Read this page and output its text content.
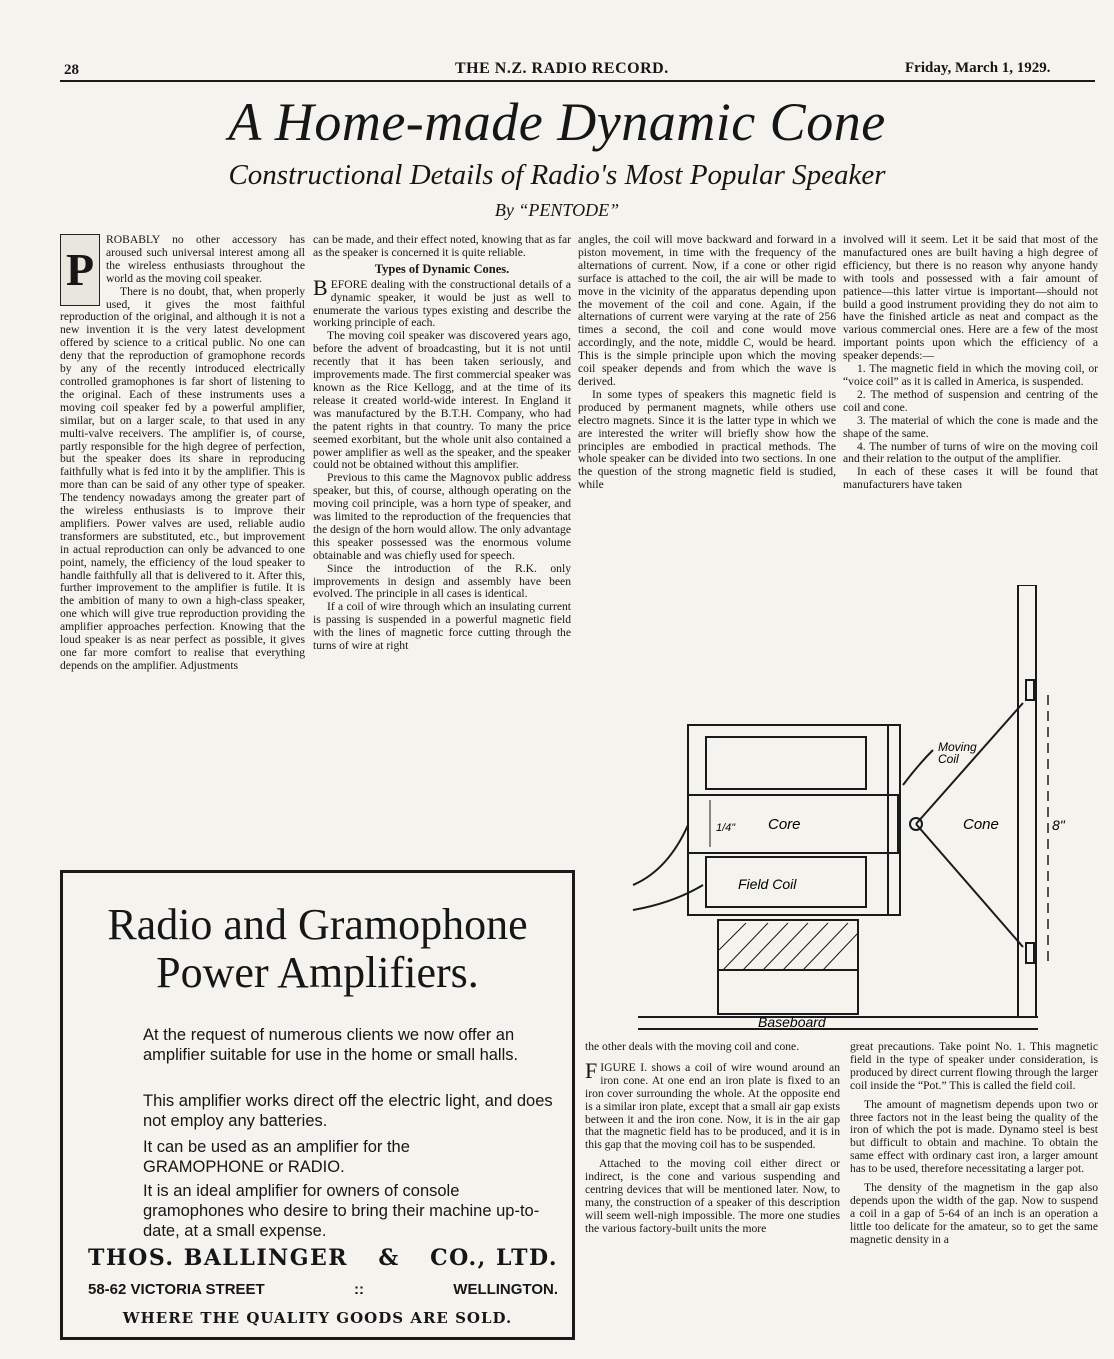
28	THE N.Z. RADIO RECORD.	Friday, March 1, 1929.
A Home-made Dynamic Cone
Constructional Details of Radio's Most Popular Speaker
By “PENTODE”
P

ROBABLY no other accessory has aroused such universal interest among all the wireless enthusiasts throughout the world as the moving coil speaker.

There is no doubt, that, when properly used, it gives the most faithful reproduction of the original, and although it is not a new invention it is the very latest development offered by science to a critical public. No one can deny that the reproduction of gramophone records by any of the recently introduced electrically controlled gramophones is far short of listening to the original. Each of these instruments uses a moving coil speaker fed by a powerful amplifier, similar, but on a larger scale, to that used in any multi-valve receivers. The amplifier is, of course, partly responsible for the high degree of perfection, but the speaker does its share in reproducing faithfully what is fed into it by the amplifier. This is more than can be said of any other type of speaker. The tendency nowadays among the greater part of the wireless enthusiasts is to improve their amplifiers. Power valves are used, reliable audio transformers are substituted, etc., but improvement in actual reproduction can only be advanced to one point, namely, the efficiency of the loud speaker to handle faithfully all that is delivered to it. After this, further improvement to the amplifier is futile. It is the ambition of many to own a high-class speaker, one which will give true reproduction providing the amplifier approaches perfection. Knowing that the loud speaker is as near perfect as possible, it gives one far more comfort to realise that everything depends on the amplifier. Adjustments

can be made, and their effect noted, knowing that as far as the speaker is concerned it is quite reliable.

Types of Dynamic Cones.

BEFORE dealing with the constructional details of a dynamic speaker, it would be just as well to enumerate the various types existing and describe the working principle of each.

The moving coil speaker was discovered years ago, before the advent of broadcasting, but it is not until recently that it has been taken seriously, and improvements made. The first commercial speaker was known as the Rice Kellogg, and at the time of its release it created world-wide interest. In England it was manufactured by the B.T.H. Company, who had the patent rights in that country. To many the price seemed exorbitant, but the whole unit also contained a power amplifier as well as the speaker, and the speaker could not be obtained without this amplifier.

Previous to this came the Magnovox public address speaker, but this, of course, although operating on the moving coil principle, was a horn type of speaker, and was limited to the reproduction of the frequencies that the design of the horn would allow. The only advantage this speaker possessed was the enormous volume obtainable and was chiefly used for speech.

Since the introduction of the R.K. only improvements in design and assembly have been evolved. The principle in all cases is identical.

If a coil of wire through which an insulating current is passing is suspended in a powerful magnetic field with the lines of magnetic force cutting through the turns of wire at right

angles, the coil will move backward and forward in a piston movement, in time with the frequency of the alternations of current. Now, if a cone or other rigid surface is attached to the coil, the air will be made to move in the vicinity of the apparatus depending upon the movement of the coil and cone. Again, if the alternations of current were varying at the rate of 256 times a second, the coil and cone would move accordingly, and the note, middle C, would be heard. This is the simple principle upon which the moving coil speaker depends and from which the wave is derived.

In some types of speakers this magnetic field is produced by permanent magnets, while others use electro magnets. Since it is the latter type in which we are interested the writer will briefly show how the principles are embodied in practical methods. The whole speaker can be divided into two sections. In one the question of the strong magnetic field is studied, while

involved will it seem. Let it be said that most of the manufactured ones are built having a high degree of efficiency, but there is no reason why anyone handy with tools and possessed with a fair amount of patience—this latter virtue is important—should not build a good instrument providing they do not aim to have the finished article as neat and compact as the various commercial ones. Here are a few of the most important points upon which the efficiency of a speaker depends:—

1. The magnetic field in which the moving coil, or “voice coil” as it is called in America, is suspended.

2. The method of suspension and centring of the coil and cone.

3. The material of which the cone is made and the shape of the same.

4. The number of turns of wire on the moving coil and their relation to the output of the amplifier.

In each of these cases it will be found that manufacturers have taken

Moving
Coil
Core	Cone
Field Coil
Baseboard
1/4"	8"

the other deals with the moving coil and cone.

FIGURE I. shows a coil of wire wound around an iron cone. At one end an iron plate is fixed to an iron cover surrounding the whole. At the opposite end is a similar iron plate, except that a small air gap exists between it and the iron cone. Now, it is in the air gap that the magnetic field has to be produced, and it is in this gap that the moving coil has to be suspended.

Attached to the moving coil either direct or indirect, is the cone and various suspending and centring devices that will be mentioned later. Now, to many, the construction of a speaker of this description will seem well-nigh impossible. The more one studies the various factory-built units the more

great precautions. Take point No. 1. This magnetic field in the type of speaker under consideration, is produced by direct current flowing through the larger coil inside the “Pot.” This is called the field coil.

The amount of magnetism depends upon two or three factors not in the least being the quality of the iron of which the pot is made. Dynamo steel is best but difficult to obtain and machine. To obtain the same effect with ordinary cast iron, a larger amount has to be used, therefore necessitating a larger pot.

The density of the magnetism in the gap also depends upon the width of the gap. Now to suspend a coil in a gap of 5-64 of an inch is an operation a little too delicate for the amateur, so to get the same magnetic density in a

Radio and Gramophone
Power Amplifiers.
At the request of numerous clients we now offer an amplifier suitable for use in the home or small halls.
This amplifier works direct off the electric light, and does not employ any batteries.
It can be used as an amplifier for the GRAMOPHONE or RADIO.
It is an ideal amplifier for owners of console gramophones who desire to bring their machine up-to-date, at a small expense.
THOS. BALLINGER & CO., LTD.
58-62 VICTORIA STREET	::	WELLINGTON.
WHERE THE QUALITY GOODS ARE SOLD.
